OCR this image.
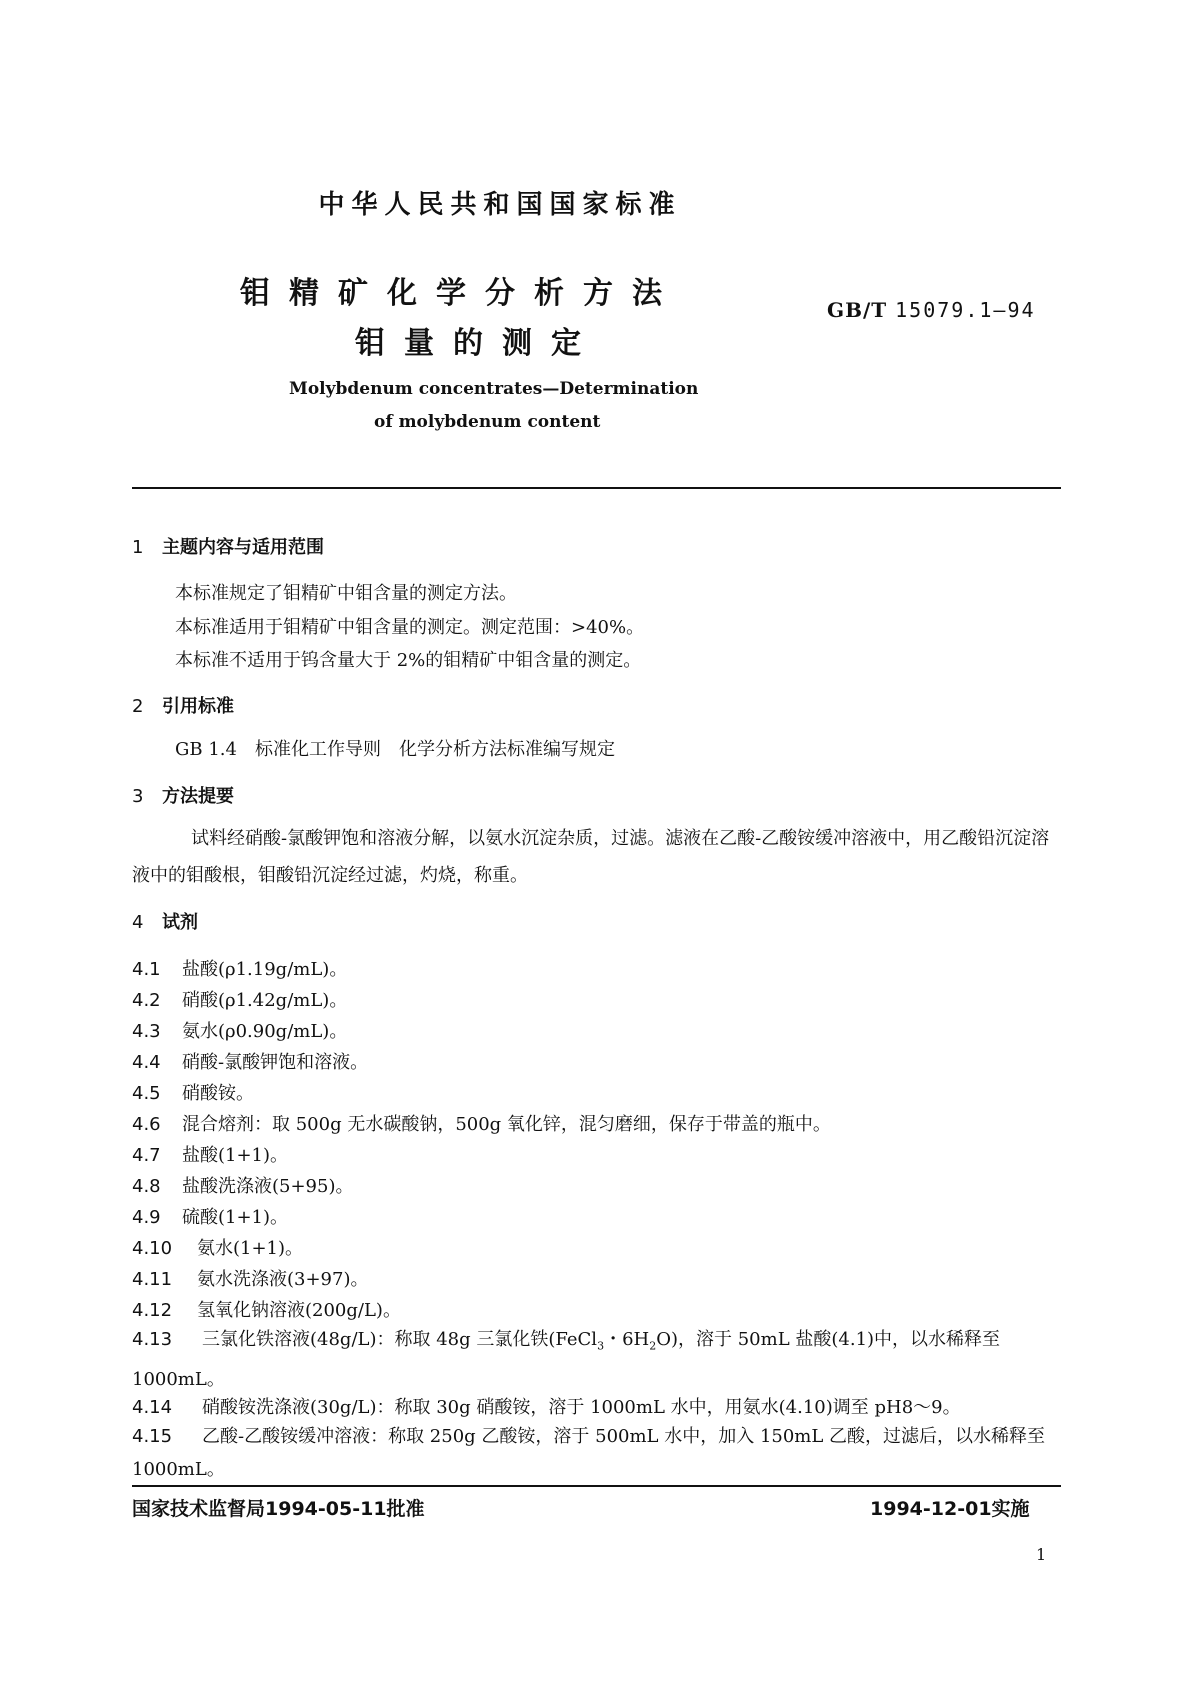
中华人民共和国国家标准
钼精矿化学分析方法
钼量的测定
GB/T 15079.1—94
Molybdenum concentrates—Determination
of molybdenum content
1 主题内容与适用范围
本标准规定了钼精矿中钼含量的测定方法。
本标准适用于钼精矿中钼含量的测定。测定范围：>40%。
本标准不适用于钨含量大于 2%的钼精矿中钼含量的测定。
2 引用标准
GB 1.4　标准化工作导则　化学分析方法标准编写规定
3 方法提要
试料经硝酸-氯酸钾饱和溶液分解，以氨水沉淀杂质，过滤。滤液在乙酸-乙酸铵缓冲溶液中，用乙酸铅沉淀溶液中的钼酸根，钼酸铅沉淀经过滤，灼烧，称重。
4 试剂
4.1 盐酸(ρ1.19g/mL)。
4.2 硝酸(ρ1.42g/mL)。
4.3 氨水(ρ0.90g/mL)。
4.4 硝酸-氯酸钾饱和溶液。
4.5 硝酸铵。
4.6 混合熔剂：取 500g 无水碳酸钠，500g 氧化锌，混匀磨细，保存于带盖的瓶中。
4.7 盐酸(1+1)。
4.8 盐酸洗涤液(5+95)。
4.9 硫酸(1+1)。
4.10 氨水(1+1)。
4.11 氨水洗涤液(3+97)。
4.12 氢氧化钠溶液(200g/L)。
4.13 三氯化铁溶液(48g/L)：称取 48g 三氯化铁(FeCl$_3$・$6H_2O$)，溶于 50mL 盐酸(4.1)中，以水稀释至 1000mL。
4.14 硝酸铵洗涤液(30g/L)：称取 30g 硝酸铵，溶于 1000mL 水中，用氨水(4.10)调至 pH8～9。
4.15 乙酸-乙酸铵缓冲溶液：称取 250g 乙酸铵，溶于 500mL 水中，加入 150mL 乙酸，过滤后，以水稀释至 1000mL。
国家技术监督局1994-05-11批准	1994-12-01实施
1
